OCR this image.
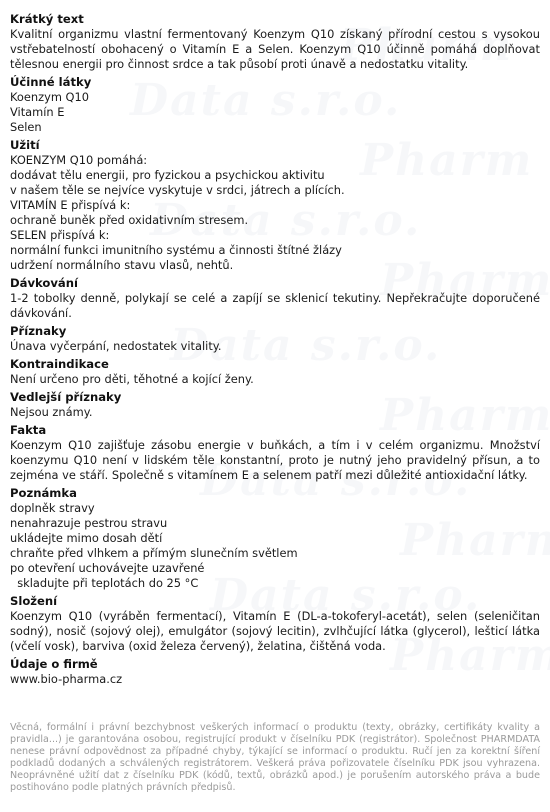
Krátký text
Kvalitní organizmu vlastní fermentovaný Koenzym Q10 získaný přírodní cestou s vysokou vstřebatelností obohacený o Vitamín E a Selen. Koenzym Q10 účinně pomáhá doplňovat tělesnou energii pro činnost srdce a tak působí proti únavě a nedostatku vitality.
Účinné látky
Koenzym Q10
Vitamín E
Selen
Užití
KOENZYM Q10 pomáhá:
dodávat tělu energii, pro fyzickou a psychickou aktivitu
v našem těle se nejvíce vyskytuje v srdci, játrech a plících.
VITAMÍN E přispívá k:
ochraně buněk před oxidativním stresem.
SELEN přispívá k:
normální funkci imunitního systému a činnosti štítné žlázy
udržení normálního stavu vlasů, nehtů.
Dávkování
1-2 tobolky denně, polykají se celé a zapíjí se sklenicí tekutiny. Nepřekračujte doporučené dávkování.
Příznaky
Únava vyčerpání, nedostatek vitality.
Kontraindikace
Není určeno pro děti, těhotné a kojící ženy.
Vedlejší příznaky
Nejsou známy.
Fakta
Koenzym Q10 zajišťuje zásobu energie v buňkách, a tím i v celém organizmu. Množství koenzymu Q10 není v lidském těle konstantní, proto je nutný jeho pravidelný přísun, a to zejména ve stáří. Společně s vitamínem E a selenem patří mezi důležité antioxidační látky.
Poznámka
doplněk stravy
nenahrazuje pestrou stravu
ukládejte mimo dosah dětí
chraňte před vlhkem a přímým slunečním světlem
po otevření uchovávejte uzavřené
skladujte při teplotách do 25 °C
Složení
Koenzym Q10 (vyráběn fermentací), Vitamín E (DL-a-tokoferyl-acetát), selen (seleničitan sodný), nosič (sojový olej), emulgátor (sojový lecitin), zvlhčující látka (glycerol), lešticí látka (včelí vosk), barviva (oxid železa červený), želatina, čištěná voda.
Údaje o firmě
www.bio-pharma.cz
Věcná, formální i právní bezchybnost veškerých informací o produktu (texty, obrázky, certifikáty kvality a pravidla...) je garantována osobou, registrující produkt v číselníku PDK (registrátor). Společnost PHARMDATA nenese právní odpovědnost za případné chyby, týkající se informací o produktu. Ručí jen za korektní šíření podkladů dodaných a schválených registrátorem. Veškerá práva pořizovatele číselníku PDK jsou vyhrazena. Neoprávněné užití dat z číselníku PDK (kódů, textů, obrázků apod.) je porušením autorského práva a bude postihováno podle platných právních předpisů.
